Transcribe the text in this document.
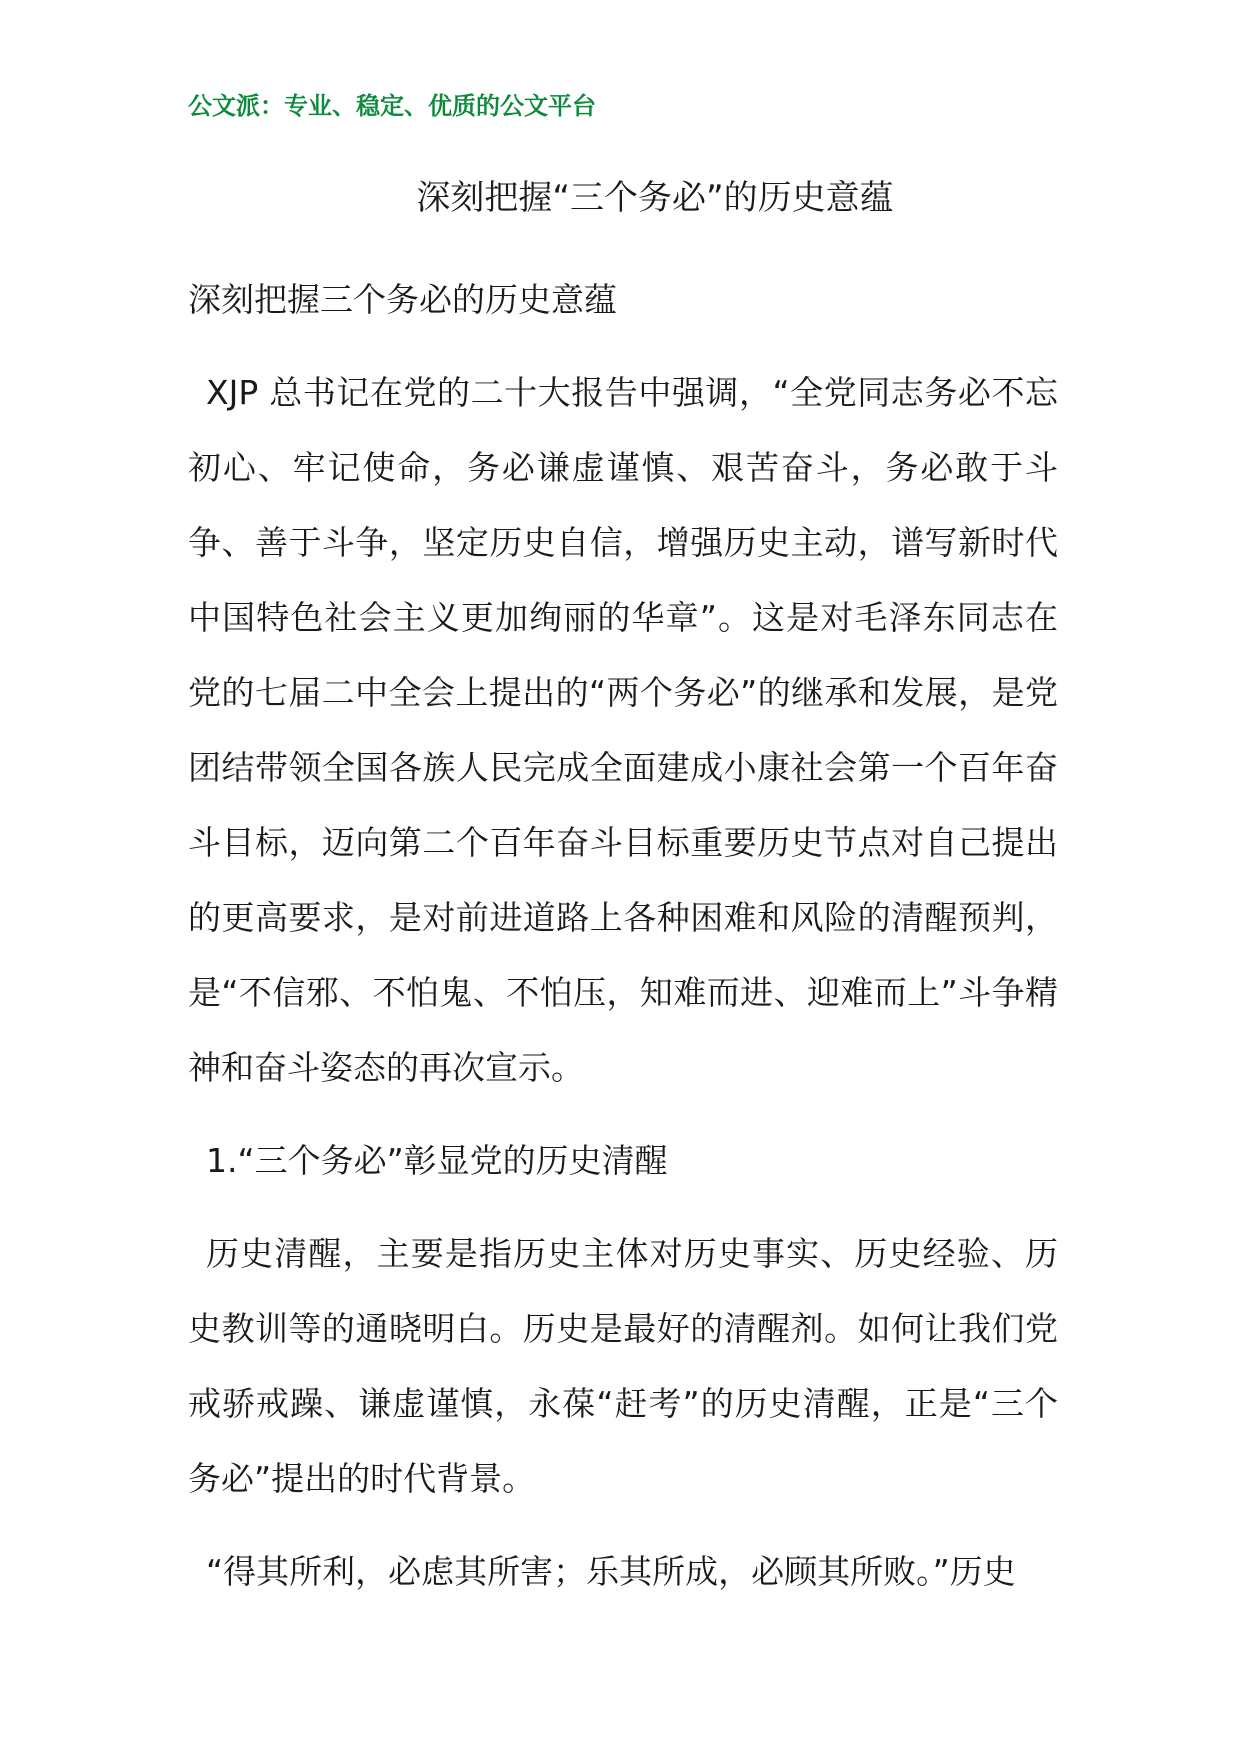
公文派：专业、稳定、优质的公文平台
深刻把握“三个务必”的历史意蕴

深刻把握三个务必的历史意蕴

XJP 总书记在党的二十大报告中强调，“全党同志务必不忘初心、牢记使命，务必谦虚谨慎、艰苦奋斗，务必敢于斗争、善于斗争，坚定历史自信，增强历史主动，谱写新时代中国特色社会主义更加绚丽的华章”。这是对毛泽东同志在党的七届二中全会上提出的“两个务必”的继承和发展，是党团结带领全国各族人民完成全面建成小康社会第一个百年奋斗目标，迈向第二个百年奋斗目标重要历史节点对自己提出的更高要求，是对前进道路上各种困难和风险的清醒预判，是“不信邪、不怕鬼、不怕压，知难而进、迎难而上”斗争精神和奋斗姿态的再次宣示。

1.“三个务必”彰显党的历史清醒

历史清醒，主要是指历史主体对历史事实、历史经验、历史教训等的通晓明白。历史是最好的清醒剂。如何让我们党戒骄戒躁、谦虚谨慎，永葆“赶考”的历史清醒，正是“三个务必”提出的时代背景。

“得其所利，必虑其所害；乐其所成，必顾其所败。”历史
